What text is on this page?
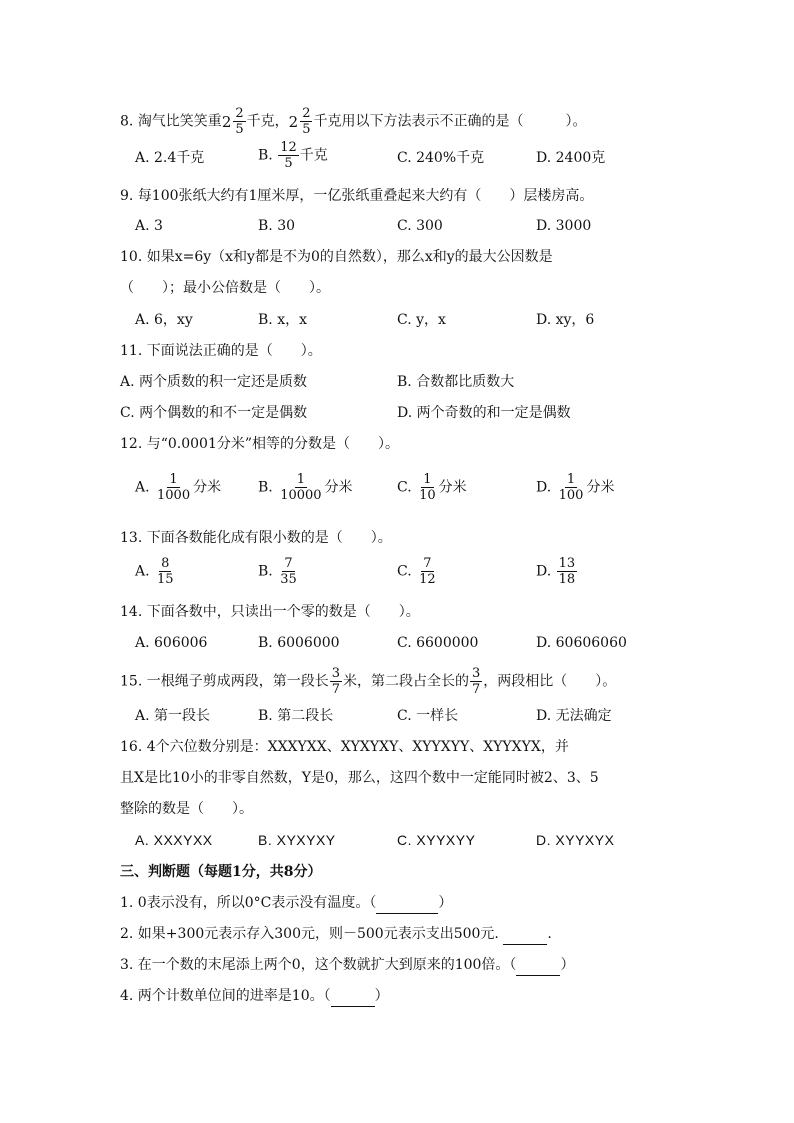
8. 淘气比笑笑重 2 2
5 千克， 2 2
5 千克用以下方法表示不正确的是（　　　）。
A. 2.4千克	B. $\frac{12}{5}$ 千克	C. 240%千克	D. 2400克
9. 每100张纸大约有1厘米厚，一亿张纸重叠起来大约有（　　）层楼房高。
A. 3	B. 30	C. 300	D. 3000
10. 如果x=6y（x和y都是不为0的自然数），那么x和y的最大公因数是
（　　）；最小公倍数是（　　）。
A. 6，xy	B. x，x	C. y，x	D. xy，6
11. 下面说法正确的是（　　）。
A. 两个质数的积一定还是质数	B. 合数都比质数大
C. 两个偶数的和不一定是偶数	D. 两个奇数的和一定是偶数
12. 与“0.0001分米”相等的分数是（　　）。
A. $\frac{1}{1000}$ 分米	B. $\frac{1}{10000}$ 分米	C. $\frac{1}{10}$ 分米	D. $\frac{1}{100}$ 分米
13. 下面各数能化成有限小数的是（　　）。
A. $\frac{8}{15}$	B. $\frac{7}{35}$	C. $\frac{7}{12}$	D. $\frac{13}{18}$
14. 下面各数中，只读出一个零的数是（　　）。
A. 606006	B. 6006000	C. 6600000	D. 60606060
15. 一根绳子剪成两段，第一段长 $\frac{3}{7}$ 米，第二段占全长的 $\frac{3}{7}$ ，两段相比（　　）。
A. 第一段长	B. 第二段长	C. 一样长	D. 无法确定
16. 4个六位数分别是：XXXYXX、XYXYXY、XYYXYY、XYYXYX，并
且X是比10小的非零自然数，Y是0，那么，这四个数中一定能同时被2、3、5
整除的数是（　　）。
A. XXXYXX	B. XYXYXY	C. XYYXYY	D. XYYXYX
三、判断题（每题1分，共8分）
1. 0表示没有，所以0°C表示没有温度。（	）
2. 如果+300元表示存入300元，则－500元表示支出500元.	.
3. 在一个数的末尾添上两个0，这个数就扩大到原来的100倍。（	）
4. 两个计数单位间的进率是10。（	）
